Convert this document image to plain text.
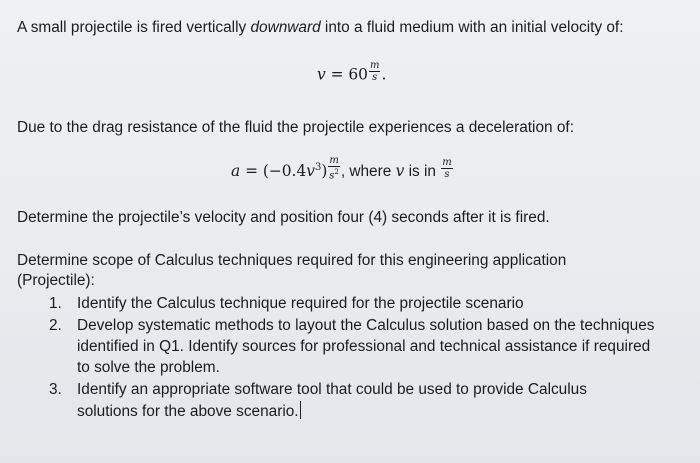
A small projectile is fired vertically downward into a fluid medium with an initial velocity of:
$v = 60 \frac{m}{s}$ .
Due to the drag resistance of the fluid the projectile experiences a deceleration of:
$a = (-0.4v^3) \frac{m}{s^2}$ , where v is in $\frac{m}{s}$
Determine the projectile’s velocity and position four (4) seconds after it is fired.
Determine scope of Calculus techniques required for this engineering application
(Projectile):
1. Identify the Calculus technique required for the projectile scenario
2. Develop systematic methods to layout the Calculus solution based on the techniques
identified in Q1. Identify sources for professional and technical assistance if required
to solve the problem.
3. Identify an appropriate software tool that could be used to provide Calculus
solutions for the above scenario.
